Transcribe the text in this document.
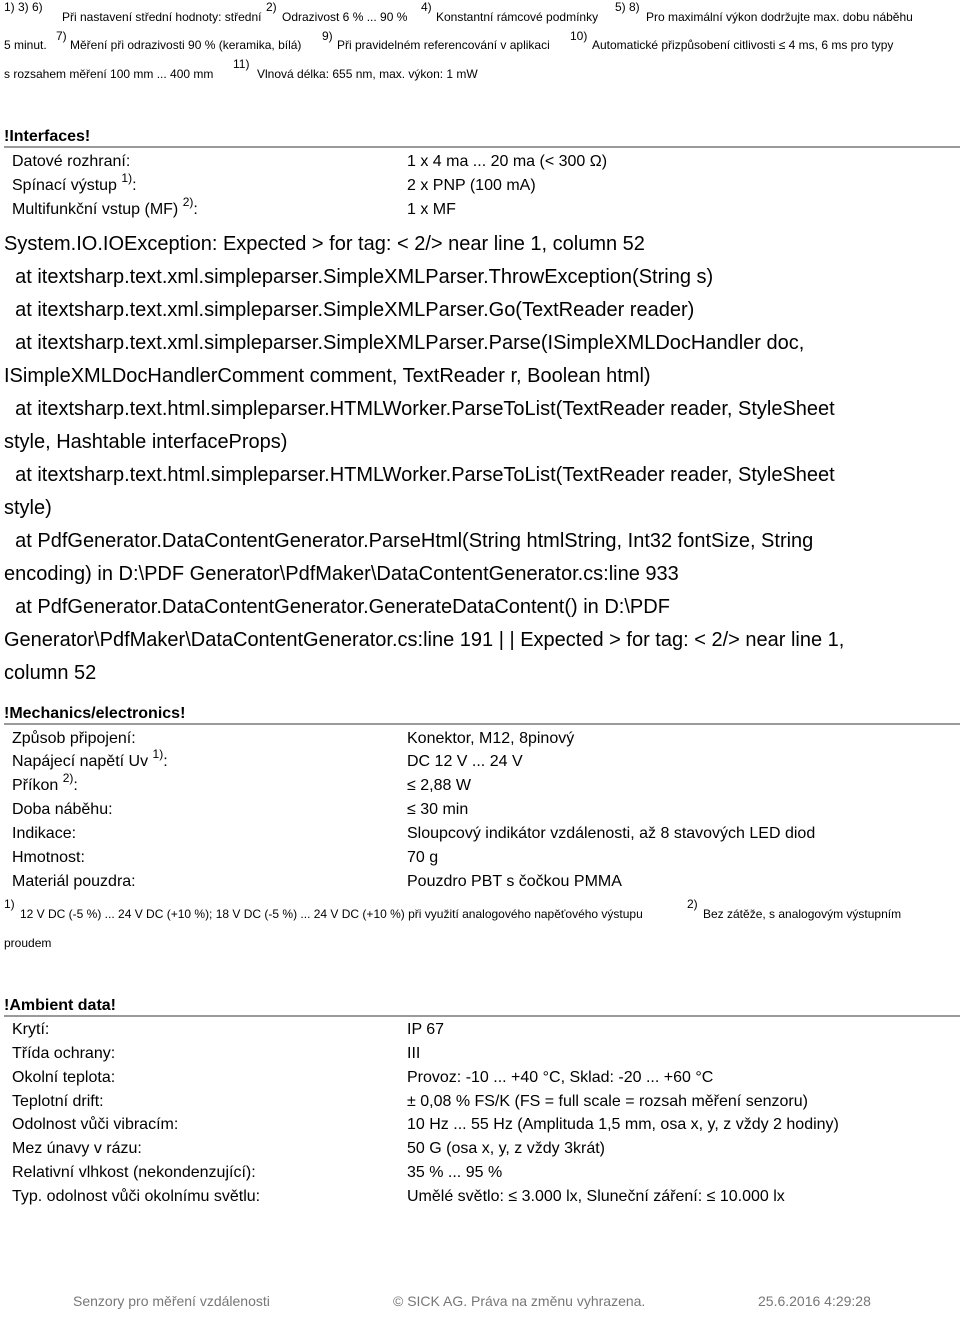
1) 3) 6)
Při nastavení střední hodnoty: střední
2)
Odrazivost 6 % ... 90 %
4)
Konstantní rámcové podmínky
5) 8)
Pro maximální výkon dodržujte max. dobu náběhu
5 minut.
7)
Měření při odrazivosti 90 % (keramika, bílá)
9)
Při pravidelném referencování v aplikaci
10)
Automatické přizpůsobení citlivosti ≤ 4 ms, 6 ms pro typy
s rozsahem měření 100 mm ... 400 mm
11)
Vlnová délka: 655 nm, max. výkon: 1 mW
!Interfaces!
Datové rozhraní:	1 x 4 ma ... 20 ma (< 300 Ω)
Spínací výstup $^{1)}$:	2 x PNP (100 mA)
Multifunkční vstup (MF) $^{2)}$:	1 x MF
System.IO.IOException: Expected > for tag: < 2/> near line 1, column 52
at itextsharp.text.xml.simpleparser.SimpleXMLParser.ThrowException(String s)
at itextsharp.text.xml.simpleparser.SimpleXMLParser.Go(TextReader reader)
at itextsharp.text.xml.simpleparser.SimpleXMLParser.Parse(ISimpleXMLDocHandler doc,
ISimpleXMLDocHandlerComment comment, TextReader r, Boolean html)
at itextsharp.text.html.simpleparser.HTMLWorker.ParseToList(TextReader reader, StyleSheet
style, Hashtable interfaceProps)
at itextsharp.text.html.simpleparser.HTMLWorker.ParseToList(TextReader reader, StyleSheet
style)
at PdfGenerator.DataContentGenerator.ParseHtml(String htmlString, Int32 fontSize, String
encoding) in D:\PDF Generator\PdfMaker\DataContentGenerator.cs:line 933
at PdfGenerator.DataContentGenerator.GenerateDataContent() in D:\PDF
Generator\PdfMaker\DataContentGenerator.cs:line 191 | | Expected > for tag: < 2/> near line 1,
column 52
!Mechanics/electronics!
Způsob připojení:	Konektor, M12, 8pinový
Napájecí napětí Uv $^{1)}$:	DC 12 V ... 24 V
Příkon $^{2)}$:	≤ 2,88 W
Doba náběhu:	≤ 30 min
Indikace:	Sloupcový indikátor vzdálenosti, až 8 stavových LED diod
Hmotnost:	70 g
Materiál pouzdra:	Pouzdro PBT s čočkou PMMA
1)
12 V DC (-5 %) ... 24 V DC (+10 %); 18 V DC (-5 %) ... 24 V DC (+10 %) při využití analogového napěťového výstupu
2)
Bez zátěže, s analogovým výstupním
proudem
!Ambient data!
Krytí:	IP 67
Třída ochrany:	III
Okolní teplota:	Provoz: -10 ... +40 °C, Sklad: -20 ... +60 °C
Teplotní drift:	± 0,08 % FS/K (FS = full scale = rozsah měření senzoru)
Odolnost vůči vibracím:	10 Hz ... 55 Hz (Amplituda 1,5 mm, osa x, y, z vždy 2 hodiny)
Mez únavy v rázu:	50 G (osa x, y, z vždy 3krát)
Relativní vlhkost (nekondenzující):	35 % ... 95 %
Typ. odolnost vůči okolnímu světlu:	Umělé světlo: ≤ 3.000 lx, Sluneční záření: ≤ 10.000 lx
Senzory pro měření vzdálenosti	© SICK AG. Práva na změnu vyhrazena.	25.6.2016 4:29:28
